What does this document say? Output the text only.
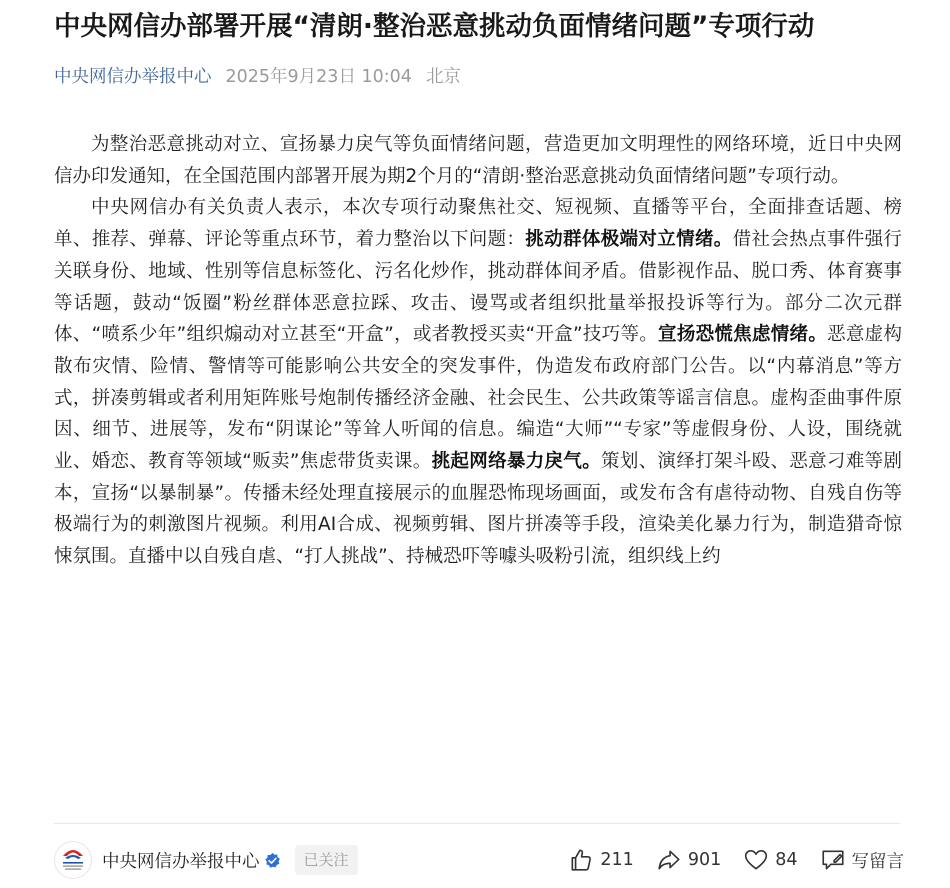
中央网信办部署开展“清朗·整治恶意挑动负面情绪问题”专项行动
中央网信办举报中心 2025年9月23日 10:04 北京

为整治恶意挑动对立、宣扬暴力戾气等负面情绪问题，营造更加文明理性的网络环境，近日中央网信办印发通知，在全国范围内部署开展为期2个月的“清朗·整治恶意挑动负面情绪问题”专项行动。

中央网信办有关负责人表示，本次专项行动聚焦社交、短视频、直播等平台，全面排查话题、榜单、推荐、弹幕、评论等重点环节，着力整治以下问题：挑动群体极端对立情绪。借社会热点事件强行关联身份、地域、性别等信息标签化、污名化炒作，挑动群体间矛盾。借影视作品、脱口秀、体育赛事等话题，鼓动“饭圈”粉丝群体恶意拉踩、攻击、谩骂或者组织批量举报投诉等行为。部分二次元群体、“喷系少年”组织煽动对立甚至“开盒”，或者教授买卖“开盒”技巧等。宣扬恐慌焦虑情绪。恶意虚构散布灾情、险情、警情等可能影响公共安全的突发事件，伪造发布政府部门公告。以“内幕消息”等方式，拼凑剪辑或者利用矩阵账号炮制传播经济金融、社会民生、公共政策等谣言信息。虚构歪曲事件原因、细节、进展等，发布“阴谋论”等耸人听闻的信息。编造“大师”“专家”等虚假身份、人设，围绕就业、婚恋、教育等领域“贩卖”焦虑带货卖课。挑起网络暴力戾气。策划、演绎打架斗殴、恶意刁难等剧本，宣扬“以暴制暴”。传播未经处理直接展示的血腥恐怖现场画面，或发布含有虐待动物、自残自伤等极端行为的刺激图片视频。利用AI合成、视频剪辑、图片拼凑等手段，渲染美化暴力行为，制造猎奇惊悚氛围。直播中以自残自虐、“打人挑战”、持械恐吓等噱头吸粉引流，组织线上约

中央网信办举报中心	已关注	211	901	84	写留言
